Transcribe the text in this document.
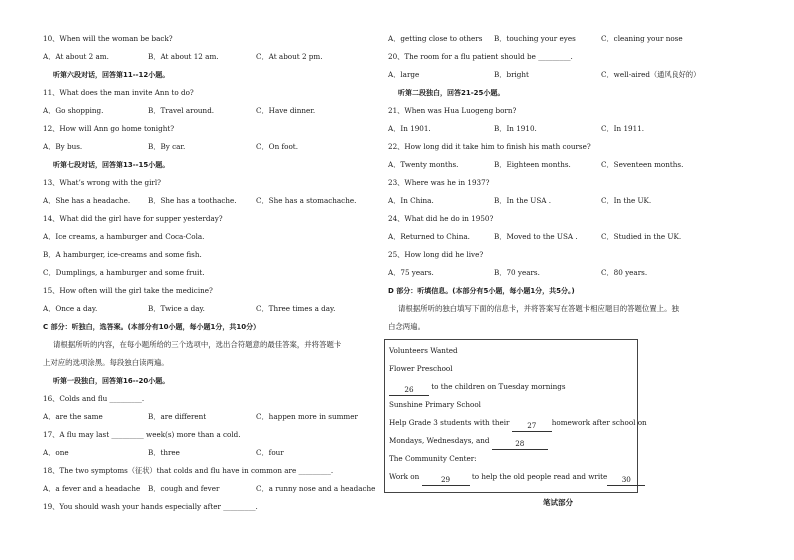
10、When will the woman be back?
A．At about 2 am.	B．At about 12 am.	C．At about 2 pm.
听第六段对话，回答第11--12小题。
11、What does the man invite Ann to do?
A．Go shopping.	B．Travel around.	C．Have dinner.
12、How will Ann go home tonight?
A．By bus.	B．By car.	C．On foot.
听第七段对话，回答第13--15小题。
13、What’s wrong with the girl?
A．She has a headache. B．She has a toothache.	C．She has a stomachache.
14、What did the girl have for supper yesterday?
A．Ice creams, a hamburger and Coca-Cola.
B．A hamburger, ice-creams and some fish.
C．Dumplings, a hamburger and some fruit.
15、How often will the girl take the medicine?
A．Once a day.	B．Twice a day.	C．Three times a day.
C 部分：听独白，选答案。(本部分有10小题，每小题1分，共10分）
请根据所听的内容，在每小题所给的三个选项中，选出合符题意的最佳答案，并将答题卡
上对应的选项涂黑。每段独白读两遍。
听第一段独白，回答第16--20小题。
16、Colds and flu _________.
A．are the same	B．are different	C．happen more in summer
17、A flu may last _________ week(s) more than a cold.
A．one	B．three	C．four
18、The two symptoms（征状）that colds and flu have in common are _________.
A．a fever and a headache B．cough and fever	C．a runny nose and a headache
19、You should wash your hands especially after _________.
A．getting close to others B．touching your eyes	C．cleaning your nose
20、The room for a flu patient should be _________.
A．large	B．bright	C．well-aired（通风良好的）
听第二段独白，回答21-25小题。
21、When was Hua Luogeng born?
A．In 1901.	B．In 1910.	C．In 1911.
22、How long did it take him to finish his math course?
A．Twenty months.	B．Eighteen months.	C．Seventeen months.
23、Where was he in 1937?
A．In China.	B．In the USA .	C．In the UK.
24、What did he do in 1950?
A．Returned to China.	B．Moved to the USA .	C．Studied in the UK.
25、How long did he live?
A．75 years.	B．70 years.	C．80 years.
D 部分：听填信息。(本部分有5小题，每小题1分，共5分。)
请根据所听的独白填写下面的信息卡，并将答案写在答题卡相应题目的答题位置上。独
白念两遍。
Volunteers Wanted
Flower Preschool
26 to the children on Tuesday mornings
Sunshine Primary School
Help Grade 3 students with their 27 homework after school on
Mondays, Wednesdays, and	28
The Community Center:
Work on	29	to help the old people read and write 30
笔试部分
